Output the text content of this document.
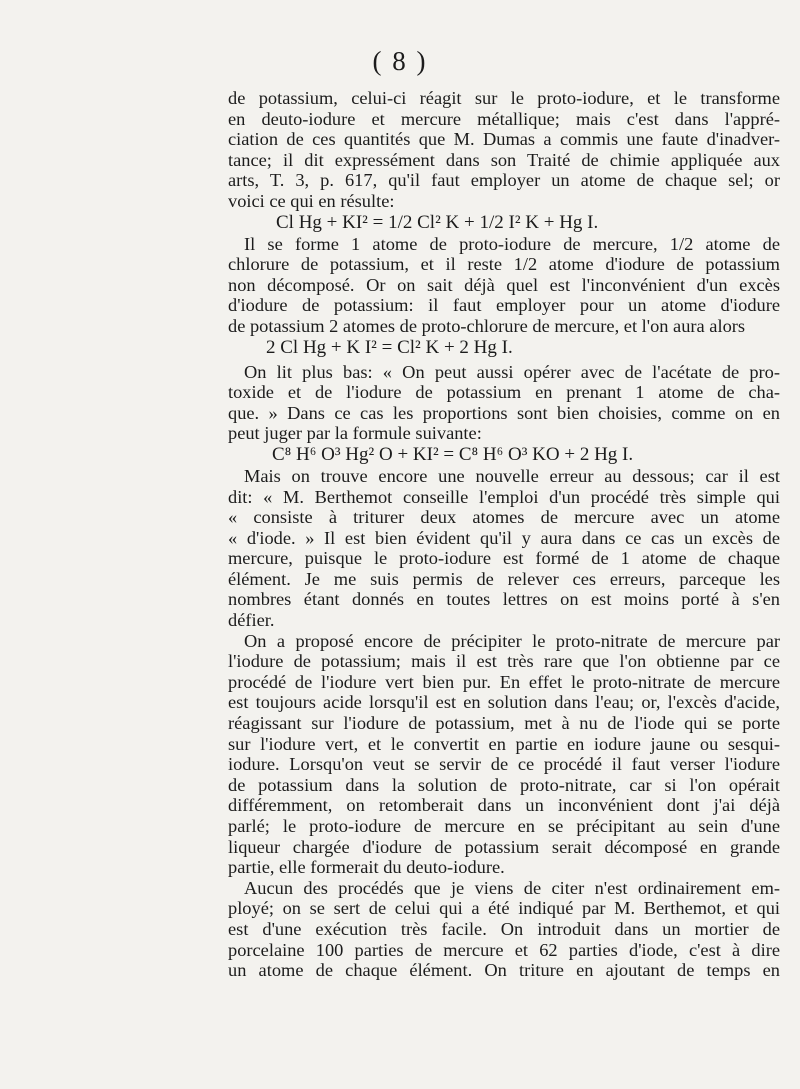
( 8 )
de potassium, celui-ci réagit sur le proto-iodure, et le transforme
en deuto-iodure et mercure métallique; mais c'est dans l'appré-
ciation de ces quantités que M. Dumas a commis une faute d'inadver-
tance; il dit expressément dans son Traité de chimie appliquée aux
arts, T. 3, p. 617, qu'il faut employer un atome de chaque sel; or
voici ce qui en résulte:
Cl Hg + KI² = 1/2 Cl² K + 1/2 I² K + Hg I.
Il se forme 1 atome de proto-iodure de mercure, 1/2 atome de
chlorure de potassium, et il reste 1/2 atome d'iodure de potassium
non décomposé. Or on sait déjà quel est l'inconvénient d'un excès
d'iodure de potassium: il faut employer pour un atome d'iodure
de potassium 2 atomes de proto-chlorure de mercure, et l'on aura alors
2 Cl Hg + K I² = Cl² K + 2 Hg I.
On lit plus bas: « On peut aussi opérer avec de l'acétate de pro-
toxide et de l'iodure de potassium en prenant 1 atome de cha-
que. » Dans ce cas les proportions sont bien choisies, comme on en
peut juger par la formule suivante:
C⁸ H⁶ O³ Hg² O + KI² = C⁸ H⁶ O³ KO + 2 Hg I.
Mais on trouve encore une nouvelle erreur au dessous; car il est
dit: « M. Berthemot conseille l'emploi d'un procédé très simple qui
« consiste à triturer deux atomes de mercure avec un atome
« d'iode. » Il est bien évident qu'il y aura dans ce cas un excès de
mercure, puisque le proto-iodure est formé de 1 atome de chaque
élément. Je me suis permis de relever ces erreurs, parceque les
nombres étant donnés en toutes lettres on est moins porté à s'en
défier.
On a proposé encore de précipiter le proto-nitrate de mercure par
l'iodure de potassium; mais il est très rare que l'on obtienne par ce
procédé de l'iodure vert bien pur. En effet le proto-nitrate de mercure
est toujours acide lorsqu'il est en solution dans l'eau; or, l'excès d'acide,
réagissant sur l'iodure de potassium, met à nu de l'iode qui se porte
sur l'iodure vert, et le convertit en partie en iodure jaune ou sesqui-
iodure. Lorsqu'on veut se servir de ce procédé il faut verser l'iodure
de potassium dans la solution de proto-nitrate, car si l'on opérait
différemment, on retomberait dans un inconvénient dont j'ai déjà
parlé; le proto-iodure de mercure en se précipitant au sein d'une
liqueur chargée d'iodure de potassium serait décomposé en grande
partie, elle formerait du deuto-iodure.
Aucun des procédés que je viens de citer n'est ordinairement em-
ployé; on se sert de celui qui a été indiqué par M. Berthemot, et qui
est d'une exécution très facile. On introduit dans un mortier de
porcelaine 100 parties de mercure et 62 parties d'iode, c'est à dire
un atome de chaque élément. On triture en ajoutant de temps en
